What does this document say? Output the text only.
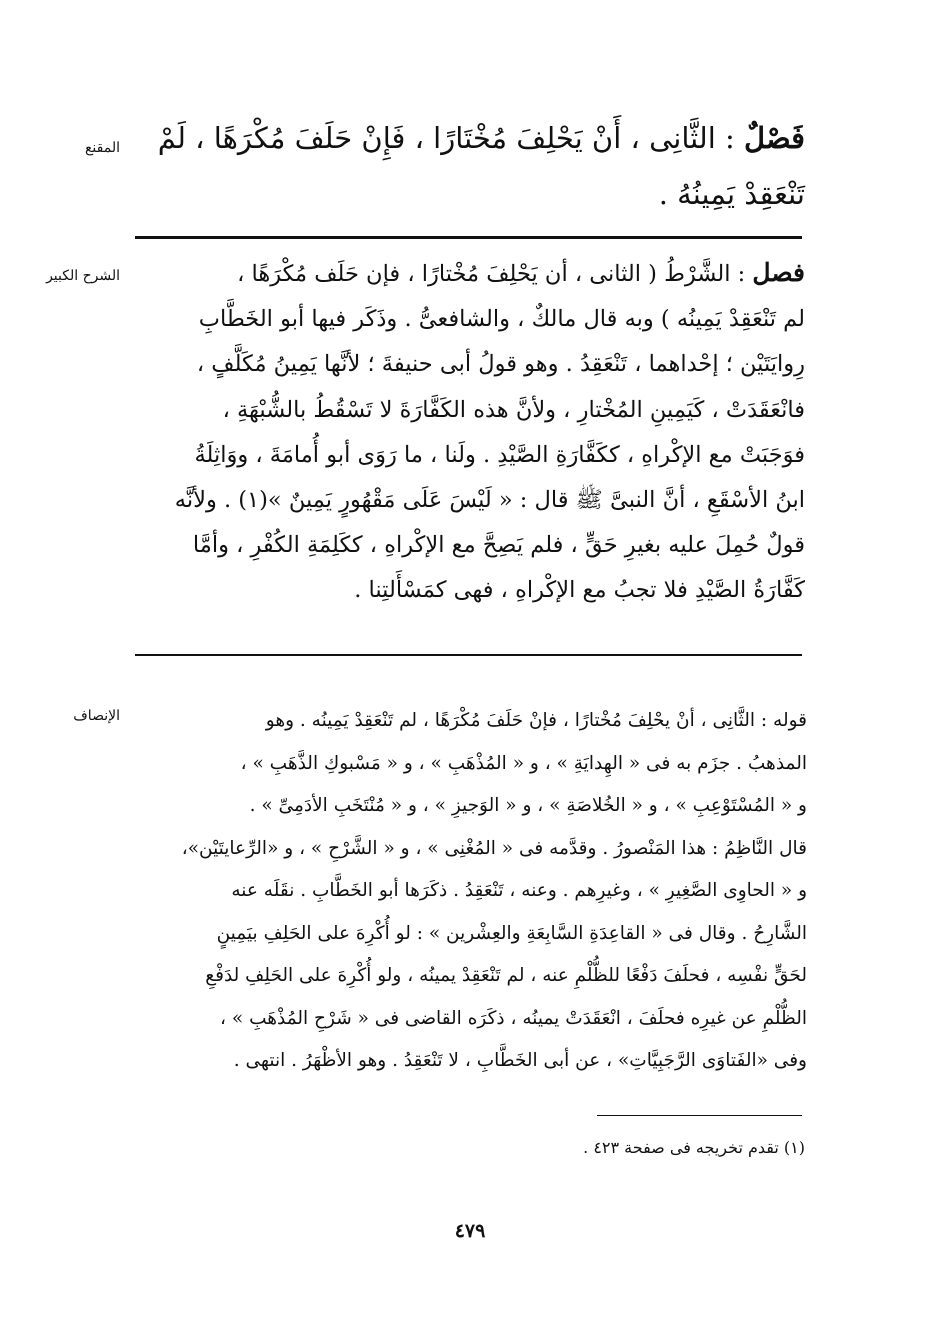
المقنع
الشرح الكبير
الإنصاف
فَصْلٌ : الثَّانِى ، أَنْ يَحْلِفَ مُخْتَارًا ، فَإِنْ حَلَفَ مُكْرَهًا ، لَمْ
تَنْعَقِدْ يَمِينُهُ .
فصل : الشَّرْطُ ( الثانى ، أن يَحْلِفَ مُخْتارًا ، فإن حَلَف مُكْرَهًا ،
لم تَنْعَقِدْ يَمِينُه ) وبه قال مالكٌ ، والشافعىُّ . وذَكَر فيها أبو الخَطَّابِ
رِوايَتَيْن ؛ إحْداهما ، تَنْعَقِدُ . وهو قولُ أبى حنيفةَ ؛ لأنَّها يَمِينُ مُكَلَّفٍ ،
فانْعَقَدَتْ ، كَيَمِينِ المُخْتارِ ، ولأنَّ هذه الكَفَّارَةَ لا تَسْقُطُ بالشُّبْهَةِ ،
فوَجَبَتْ مع الإكْراهِ ، ككَفَّارَةِ الصَّيْدِ . ولَنا ، ما رَوَى أبو أُمامَةَ ، ووَاثِلَةُ
ابنُ الأسْقَعِ ، أنَّ النبىَّ ﷺ قال : « لَيْسَ عَلَى مَقْهُورٍ يَمِينٌ »(١) . ولأنَّه
قولٌ حُمِلَ عليه بغيرِ حَقٍّ ، فلم يَصِحَّ مع الإكْراهِ ، ككَلِمَةِ الكُفْرِ ، وأمَّا
كَفَّارَةُ الصَّيْدِ فلا تجبُ مع الإكْراهِ ، فهى كمَسْأَلتِنا .
قوله : الثَّانِى ، أنْ يحْلِفَ مُخْتارًا ، فإنْ حَلَفَ مُكْرَهًا ، لم تَنْعَقِدْ يَمِينُه . وهو
المذهبُ . جزَم به فى « الهِدايَةِ » ، و « المُذْهَبِ » ، و « مَسْبوكِ الذَّهَبِ » ،
و « المُسْتَوْعِبِ » ، و « الخُلاصَةِ » ، و « الوَجيزِ » ، و « مُنْتَخَبِ الأدَمِىِّ » .
قال النَّاظِمُ : هذا المَنْصورُ . وقدَّمه فى « المُغْنِى » ، و « الشَّرْحِ » ، و «الرِّعايتَيْن»،
و « الحاوِى الصَّغِيرِ » ، وغيرِهم . وعنه ، تَنْعَقِدُ . ذكَرَها أبو الخَطَّابِ . نقَلَه عنه
الشَّارِحُ . وقال فى « القاعِدَةِ السَّابِعَةِ والعِشْرين » : لو أُكْرِهَ على الحَلِفِ بيَمِينٍ
لحَقٍّ نفْسِه ، فحلَفَ دَفْعًا للظُّلْمِ عنه ، لم تَنْعَقِدْ يمينُه ، ولو أُكْرِهَ على الحَلِفِ لدَفْعِ
الظُّلْمِ عن غيرِه فحلَفَ ، انْعَقَدَتْ يمينُه ، ذكَرَه القاضى فى « شَرْحِ المُذْهَبِ » ،
وفى «الفَتاوَى الرَّجَبِيَّاتِ» ، عن أبى الخَطَّابِ ، لا تَنْعَقِدُ . وهو الأظْهَرُ . انتهى .
(١) تقدم تخريجه فى صفحة ٤٢٣ .
٤٧٩
